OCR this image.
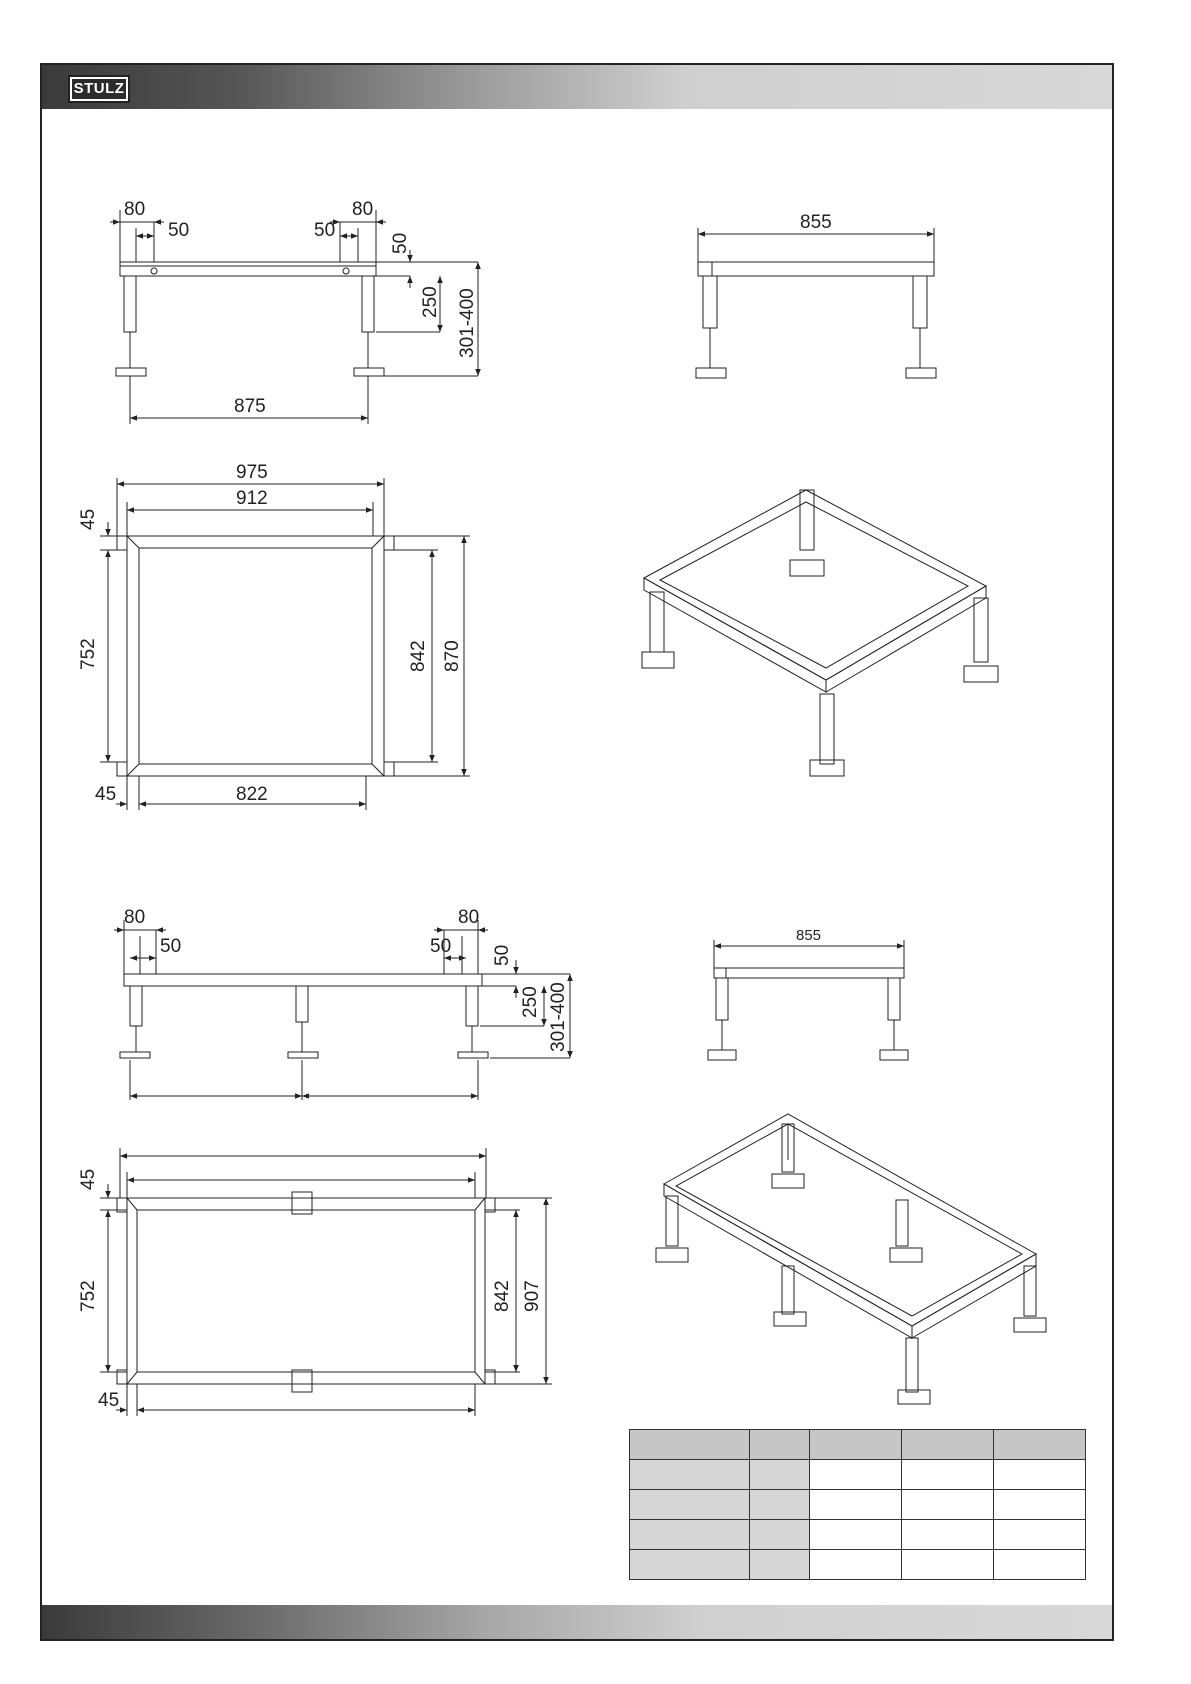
STULZ
80
50
80
50
50
250 301-400
875
855
975
912
45
752	842 870
45	822
80
50
80
50 50
250 301-400
45
752	842 907
45
855
